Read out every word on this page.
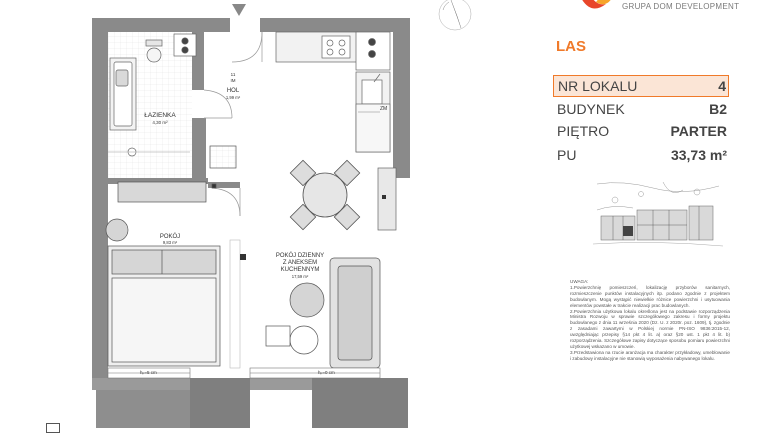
11
IM
HOL
1,99 m²
ŁAZIENKA
4,30 m²
ZM
POKÓJ
9,83 m²
POKÓJ DZIENNY
Z ANEKSEM
KUCHENNYM
17,59 m²
hₚ=5 cm	hₚ=0 cm
GRUPA DOM DEVELOPMENT
LAS
NR LOKALU	4
BUDYNEK	B2
PIĘTRO	PARTER
PU	33,73 m²

UWAGA:

1.Powierzchnię pomieszczeń, lokalizację przyborów sanitarnych, rozmieszczenie punktów instalacyjnych itp. podano zgodnie z projektem budowlanym. Mogą wystąpić niewielkie różnice powierzchni i usytuowania elementów powstałe w trakcie realizacji prac budowlanych.

2.Powierzchnia użytkowa lokalu określona jest na podstawie rozporządzenia Ministra Rozwoju w sprawie szczegółowego zakresu i formy projektu budowlanego z dnia 11 września 2020 (Dz. U. z 2020r. poz. 1609), tj. zgodnie z zasadami zawartymi w Polskiej normie PN-ISO 9836:2015-12, uwzględniając przepisy §14 pkt 4 lit. a) oraz §20 ust. 1 pkt 4 lit. b) rozporządzenia. Szczegółowe zapisy dotyczące sposobu pomiaru powierzchni użytkowej wskazano w umowie.

3.Przedstawiona na rzucie aranżacja ma charakter przykładowy, umeblowanie i zabudowy instalacyjne nie stanowią wyposażenia nabywanego lokalu.
